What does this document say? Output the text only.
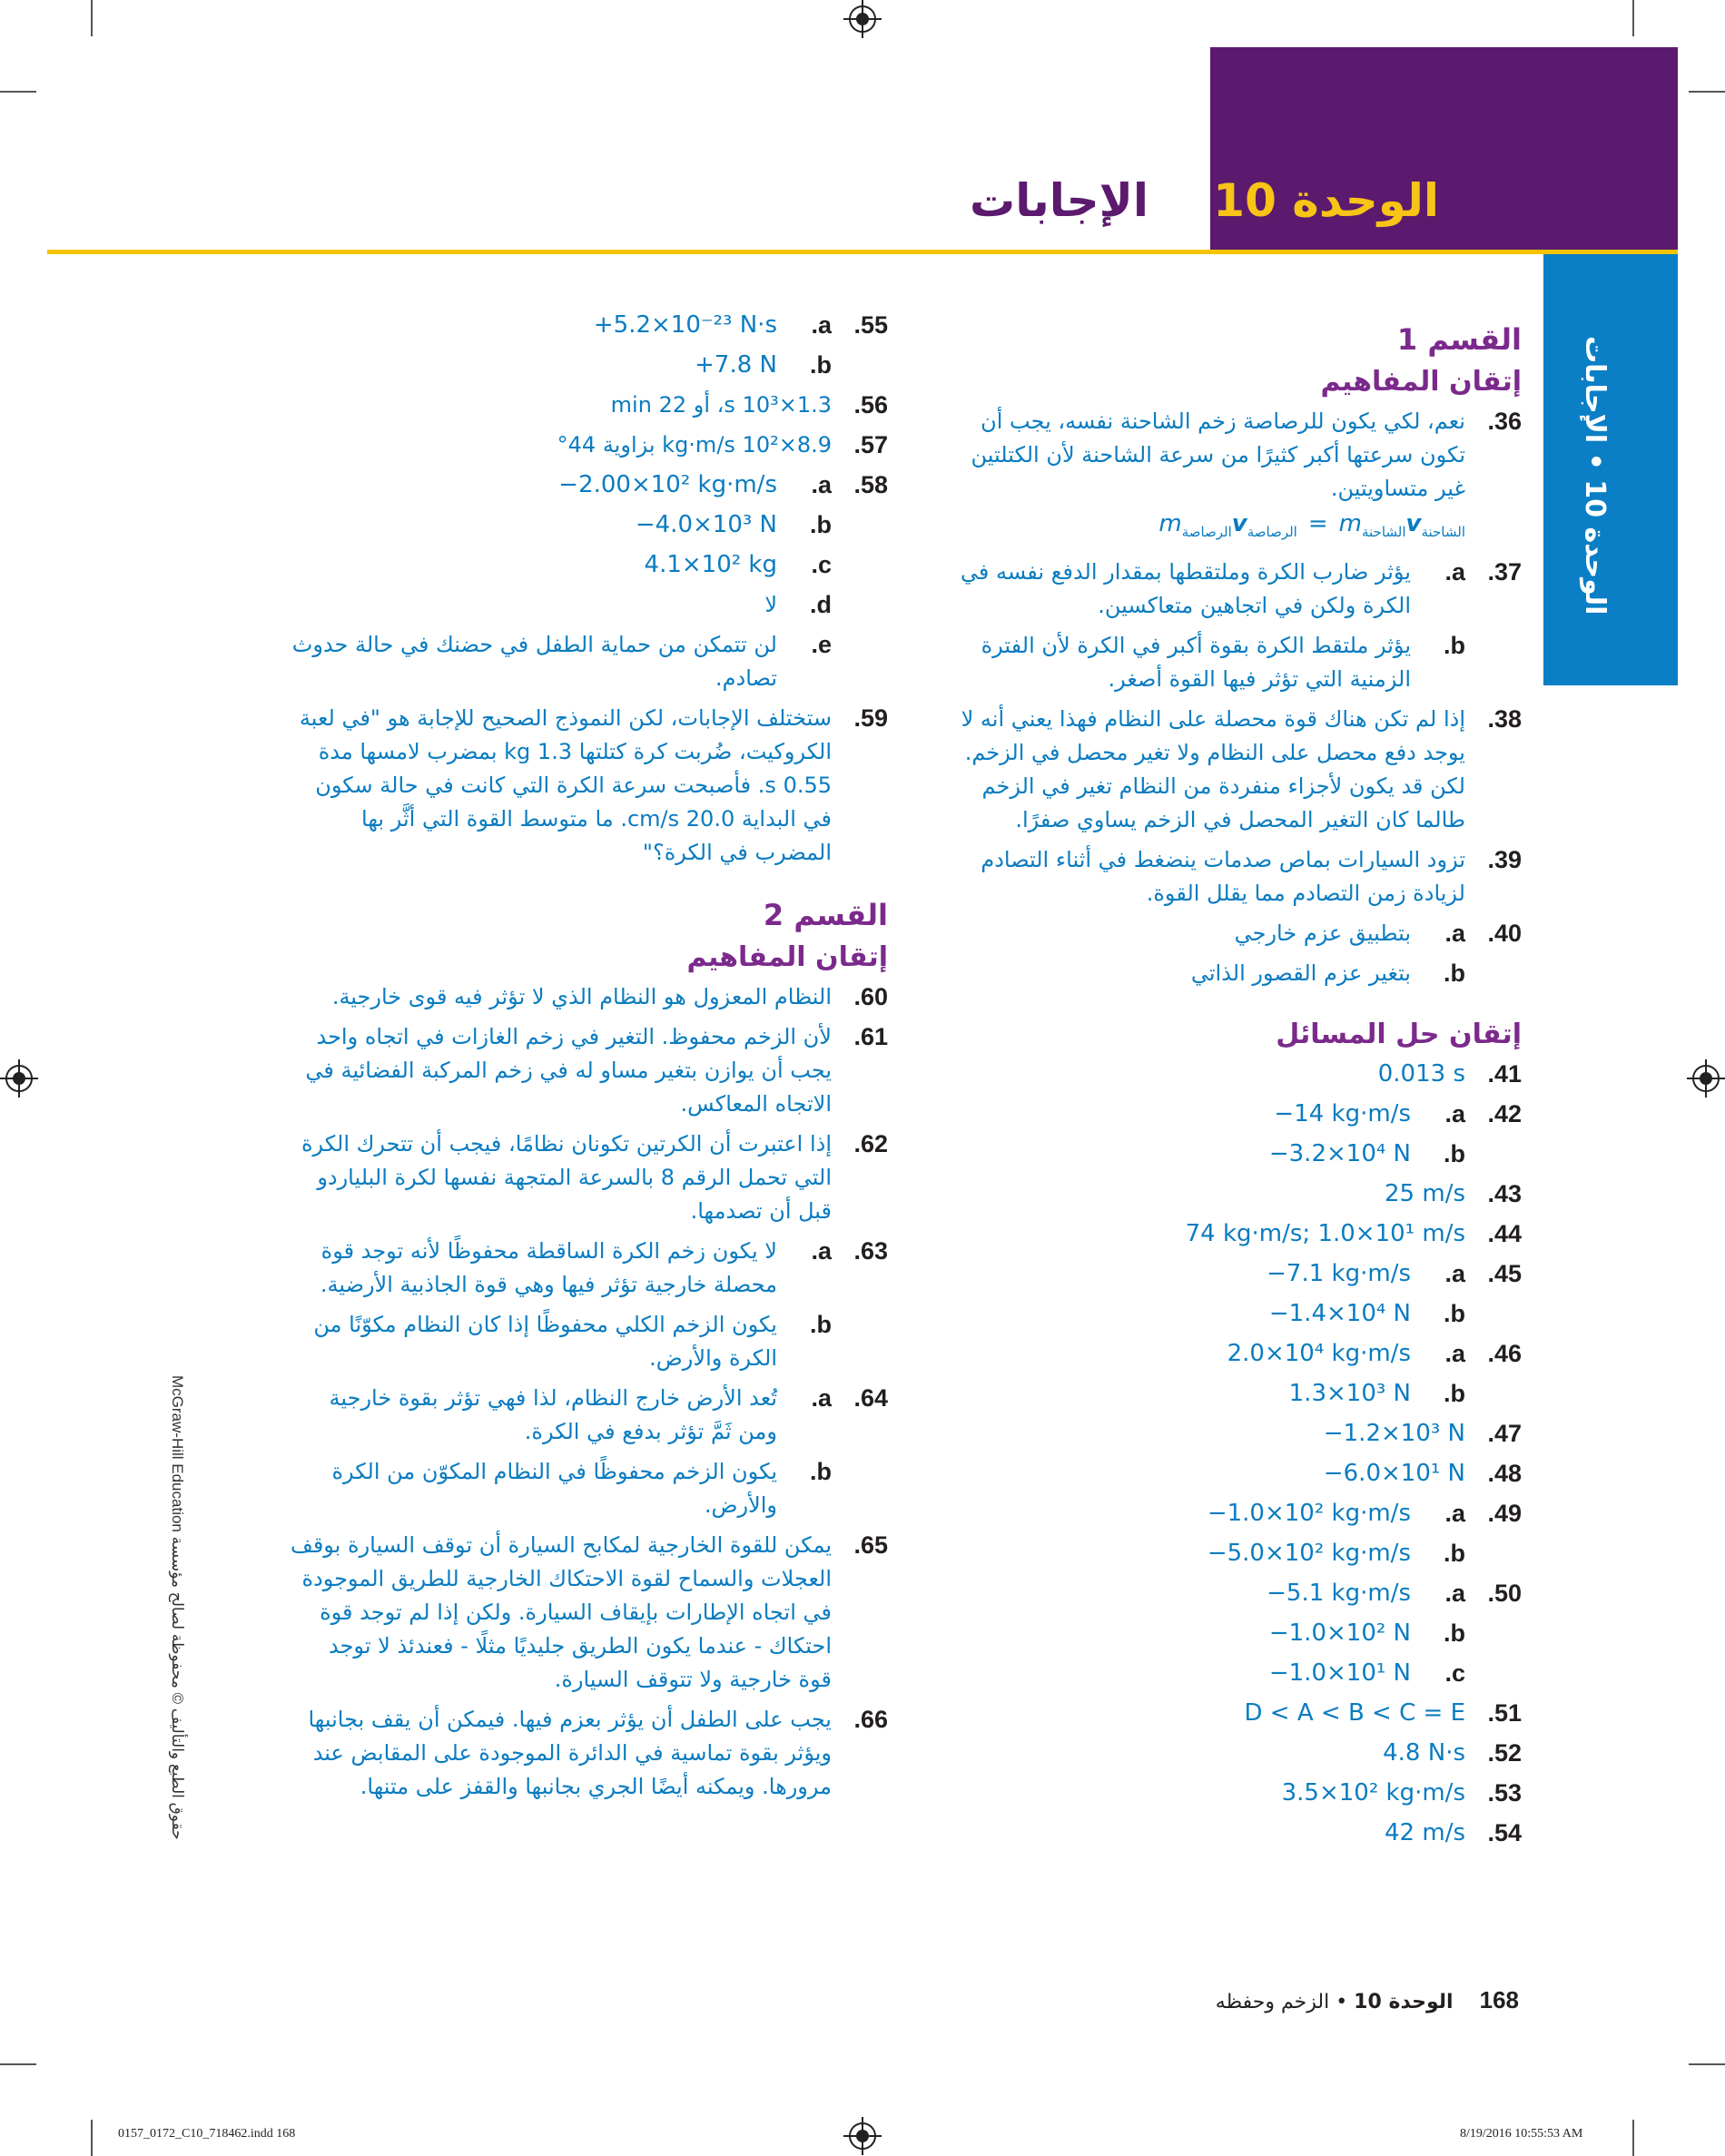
الوحدة 10
الإجابات
الوحدة 10 • الإجابات
القسم 1
إتقان المفاهيم
36.
نعم، لكي يكون للرصاصة زخم الشاحنة نفسه، يجب أن تكون سرعتها أكبر كثيرًا من سرعة الشاحنة لأن الكتلتين غير متساويتين.
$m_{الرصاصة}v_{الرصاصة} = m_{الشاحنة}v_{الشاحنة}$
37.
a.
يؤثر ضارب الكرة وملتقطها بمقدار الدفع نفسه في الكرة ولكن في اتجاهين متعاكسين.
b.
يؤثر ملتقط الكرة بقوة أكبر في الكرة لأن الفترة الزمنية التي تؤثر فيها القوة أصغر.
38.
إذا لم تكن هناك قوة محصلة على النظام فهذا يعني أنه لا يوجد دفع محصل على النظام ولا تغير محصل في الزخم. لكن قد يكون لأجزاء منفردة من النظام تغير في الزخم طالما كان التغير المحصل في الزخم يساوي صفرًا.
39.
تزود السيارات بماص صدمات ينضغط في أثناء التصادم لزيادة زمن التصادم مما يقلل القوة.
40.
a.
بتطبيق عزم خارجي
b.
بتغير عزم القصور الذاتي
إتقان حل المسائل
41.
0.013 s
42.
a.
−14 kg·m/s
b.
−3.2×10⁴ N
43.
25 m/s
44.
74 kg·m/s; 1.0×10¹ m/s
45.
a.
−7.1 kg·m/s
b.
−1.4×10⁴ N
46.
a.
2.0×10⁴ kg·m/s
b.
1.3×10³ N
47.
−1.2×10³ N
48.
−6.0×10¹ N
49.
a.
−1.0×10² kg·m/s
b.
−5.0×10² kg·m/s
50.
a.
−5.1 kg·m/s
b.
−1.0×10² N
c.
−1.0×10¹ N
51.
D < A < B < C = E
52.
4.8 N·s
53.
3.5×10² kg·m/s
54.
42 m/s
55.
a.
+5.2×10⁻²³ N·s
b.
+7.8 N
56.
1.3×10³ s، أو 22 min
57.
8.9×10² kg·m/s بزاوية 44°
58.
a.
−2.00×10² kg·m/s
b.
−4.0×10³ N
c.
4.1×10² kg
d.
لا
e.
لن تتمكن من حماية الطفل في حضنك في حالة حدوث تصادم.
59.
ستختلف الإجابات، لكن النموذج الصحيح للإجابة هو "في لعبة الكروكيت، ضُربت كرة كتلتها 1.3 kg بمضرب لامسها مدة 0.55 s. فأصبحت سرعة الكرة التي كانت في حالة سكون في البداية 20.0 cm/s. ما متوسط القوة التي أثَّر بها المضرب في الكرة؟"
القسم 2
إتقان المفاهيم
60.
النظام المعزول هو النظام الذي لا تؤثر فيه قوى خارجية.
61.
لأن الزخم محفوظ. التغير في زخم الغازات في اتجاه واحد يجب أن يوازن بتغير مساو له في زخم المركبة الفضائية في الاتجاه المعاكس.
62.
إذا اعتبرت أن الكرتين تكونان نظامًا، فيجب أن تتحرك الكرة التي تحمل الرقم 8 بالسرعة المتجهة نفسها لكرة البلياردو قبل أن تصدمها.
63.
a.
لا يكون زخم الكرة الساقطة محفوظًا لأنه توجد قوة محصلة خارجية تؤثر فيها وهي قوة الجاذبية الأرضية.
b.
يكون الزخم الكلي محفوظًا إذا كان النظام مكوّنًا من الكرة والأرض.
64.
a.
تُعد الأرض خارج النظام، لذا فهي تؤثر بقوة خارجية ومن ثَمَّ تؤثر بدفع في الكرة.
b.
يكون الزخم محفوظًا في النظام المكوّن من الكرة والأرض.
65.
يمكن للقوة الخارجية لمكابح السيارة أن توقف السيارة بوقف العجلات والسماح لقوة الاحتكاك الخارجية للطريق الموجودة في اتجاه الإطارات بإيقاف السيارة. ولكن إذا لم توجد قوة احتكاك - عندما يكون الطريق جليديًا مثلًا - فعندئذ لا توجد قوة خارجية ولا تتوقف السيارة.
66.
يجب على الطفل أن يؤثر بعزم فيها. فيمكن أن يقف بجانبها ويؤثر بقوة تماسية في الدائرة الموجودة على المقابض عند مرورها. ويمكنه أيضًا الجري بجانبها والقفز على متنها.
حقوق الطبع والتأليف © محفوظة لصالح مؤسسة McGraw-Hill Education
168 الوحدة 10 • الزخم وحفظه
0157_0172_C10_718462.indd 168	8/19/2016 10:55:53 AM
